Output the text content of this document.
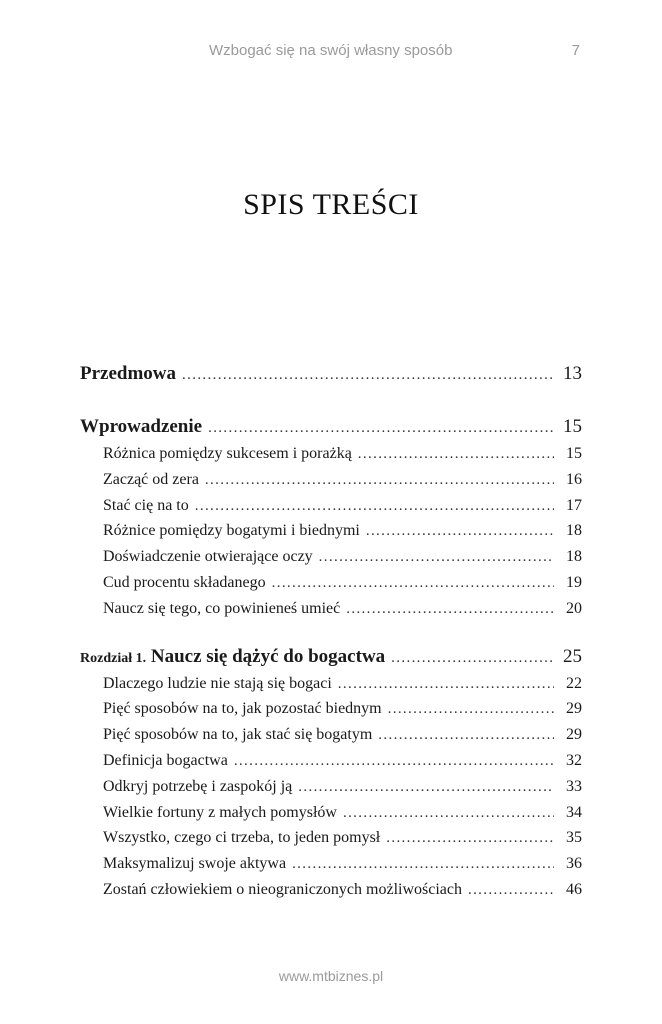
Wzbogać się na swój własny sposób	7
SPIS TREŚCI
Przedmowa . . .	13
Wprowadzenie . . .	15
Różnica pomiędzy sukcesem i porażką . . .	15
Zacząć od zera . . .	16
Stać cię na to . . .	17
Różnice pomiędzy bogatymi i biednymi . . .	18
Doświadczenie otwierające oczy . . .	18
Cud procentu składanego . . .	19
Naucz się tego, co powinieneś umieć . . .	20
Rozdział 1. Naucz się dążyć do bogactwa . . .	25
Dlaczego ludzie nie stają się bogaci . . .	22
Pięć sposobów na to, jak pozostać biednym . . .	29
Pięć sposobów na to, jak stać się bogatym . . .	29
Definicja bogactwa . . .	32
Odkryj potrzebę i zaspokój ją . . .	33
Wielkie fortuny z małych pomysłów . . .	34
Wszystko, czego ci trzeba, to jeden pomysł . . .	35
Maksymalizuj swoje aktywa . . .	36
Zostań człowiekiem o nieograniczonych możliwościach . . .	46
www.mtbiznes.pl
